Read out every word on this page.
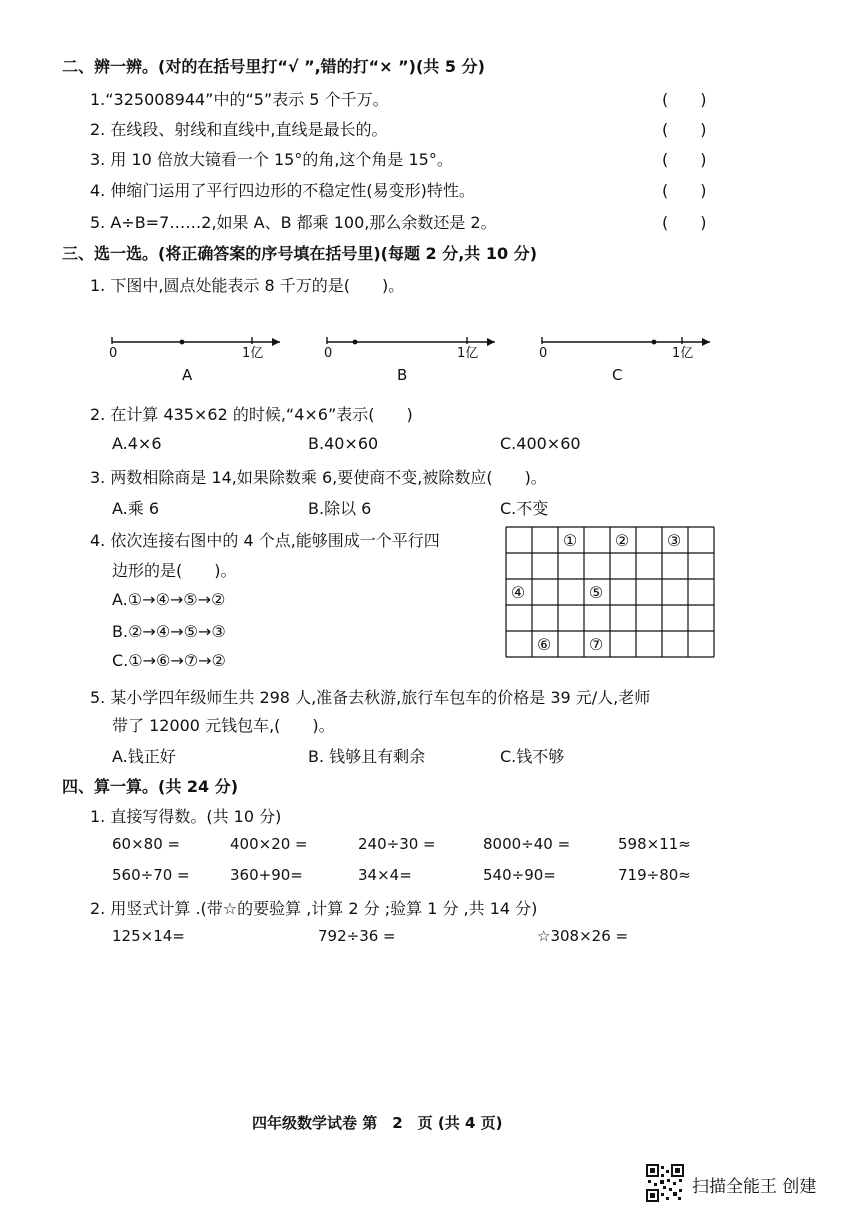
二、辨一辨。(对的在括号里打“√ ”,错的打“× ”)(共 5 分)
1.“325008944”中的“5”表示 5 个千万。	(　　)
2. 在线段、射线和直线中,直线是最长的。	(　　)
3. 用 10 倍放大镜看一个 15°的角,这个角是 15°。	(　　)
4. 伸缩门运用了平行四边形的不稳定性(易变形)特性。	(　　)
5. A÷B=7……2,如果 A、B 都乘 100,那么余数还是 2。	(　　)
三、选一选。(将正确答案的序号填在括号里)(每题 2 分,共 10 分)
1. 下图中,圆点处能表示 8 千万的是(　　)。
0	1亿
A
0	1亿
B
0	1亿
C
2. 在计算 435×62 的时候,“4×6”表示(　　)
A.4×6	B.40×60	C.400×60
3. 两数相除商是 14,如果除数乘 6,要使商不变,被除数应(　　)。
A.乘 6	B.除以 6	C.不变
4. 依次连接右图中的 4 个点,能够围成一个平行四
边形的是(　　)。
A.①→④→⑤→②
B.②→④→⑤→③
C.①→⑥→⑦→②
① ② ③
④	⑤
⑥ ⑦
5. 某小学四年级师生共 298 人,准备去秋游,旅行车包车的价格是 39 元/人,老师
带了 12000 元钱包车,(　　)。
A.钱正好	B. 钱够且有剩余	C.钱不够
四、算一算。(共 24 分)
1. 直接写得数。(共 10 分)
60×80 =	400×20 =	240÷30 =	8000÷40 =	598×11≈
560÷70 =	360+90=	34×4=	540÷90=	719÷80≈
2. 用竖式计算 .(带☆的要验算 ,计算 2 分 ;验算 1 分 ,共 14 分)
125×14=	792÷36 =	☆308×26 =
四年级数学试卷 第　2　页 (共 4 页)
扫描全能王 创建
